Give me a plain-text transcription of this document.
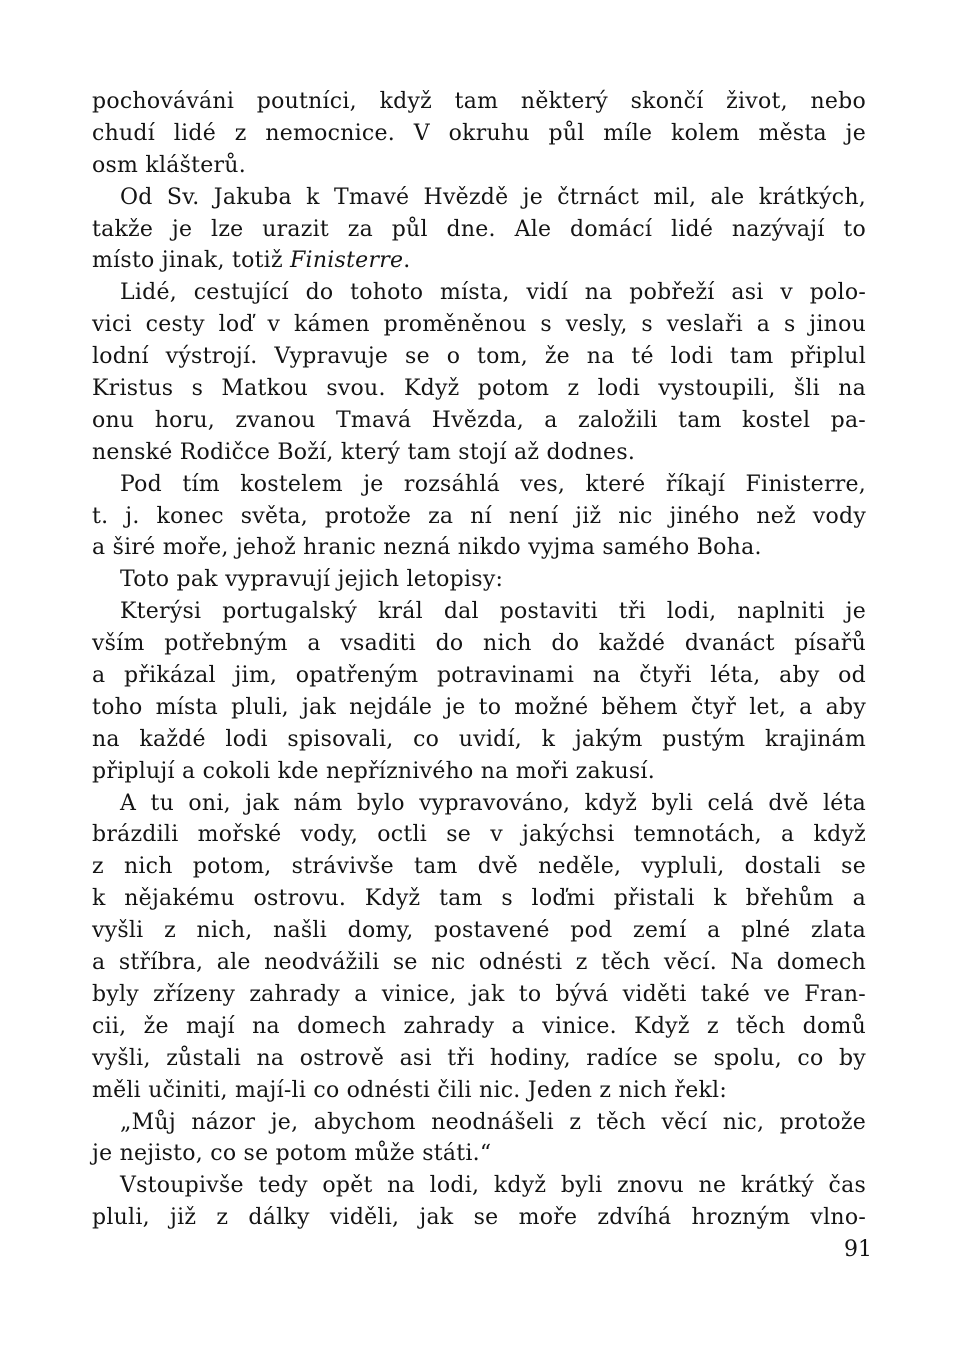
pochováváni poutníci, když tam některý skončí život, nebo
chudí lidé z nemocnice. V okruhu půl míle kolem města je
osm klášterů.
Od Sv. Jakuba k Tmavé Hvězdě je čtrnáct mil, ale krátkých,
takže je lze urazit za půl dne. Ale domácí lidé nazývají to
místo jinak, totiž Finisterre.
Lidé, cestující do tohoto místa, vidí na pobřeží asi v polo-
vici cesty loď v kámen proměněnou s vesly, s veslaři a s jinou
lodní výstrojí. Vypravuje se o tom, že na té lodi tam připlul
Kristus s Matkou svou. Když potom z lodi vystoupili, šli na
onu horu, zvanou Tmavá Hvězda, a založili tam kostel pa-
nenské Rodičce Boží, který tam stojí až dodnes.
Pod tím kostelem je rozsáhlá ves, které říkají Finisterre,
t. j. konec světa, protože za ní není již nic jiného než vody
a širé moře, jehož hranic nezná nikdo vyjma samého Boha.
Toto pak vypravují jejich letopisy:
Kterýsi portugalský král dal postaviti tři lodi, naplniti je
vším potřebným a vsaditi do nich do každé dvanáct písařů
a přikázal jim, opatřeným potravinami na čtyři léta, aby od
toho místa pluli, jak nejdále je to možné během čtyř let, a aby
na každé lodi spisovali, co uvidí, k jakým pustým krajinám
připlují a cokoli kde nepříznivého na moři zakusí.
A tu oni, jak nám bylo vypravováno, když byli celá dvě léta
brázdili mořské vody, octli se v jakýchsi temnotách, a když
z nich potom, strávivše tam dvě neděle, vypluli, dostali se
k nějakému ostrovu. Když tam s loďmi přistali k břehům a
vyšli z nich, našli domy, postavené pod zemí a plné zlata
a stříbra, ale neodvážili se nic odnésti z těch věcí. Na domech
byly zřízeny zahrady a vinice, jak to bývá viděti také ve Fran-
cii, že mají na domech zahrady a vinice. Když z těch domů
vyšli, zůstali na ostrově asi tři hodiny, radíce se spolu, co by
měli učiniti, mají-li co odnésti čili nic. Jeden z nich řekl:
„Můj názor je, abychom neodnášeli z těch věcí nic, protože
je nejisto, co se potom může státi.“
Vstoupivše tedy opět na lodi, když byli znovu ne krátký čas
pluli, již z dálky viděli, jak se moře zdvíhá hrozným vlno-
91
